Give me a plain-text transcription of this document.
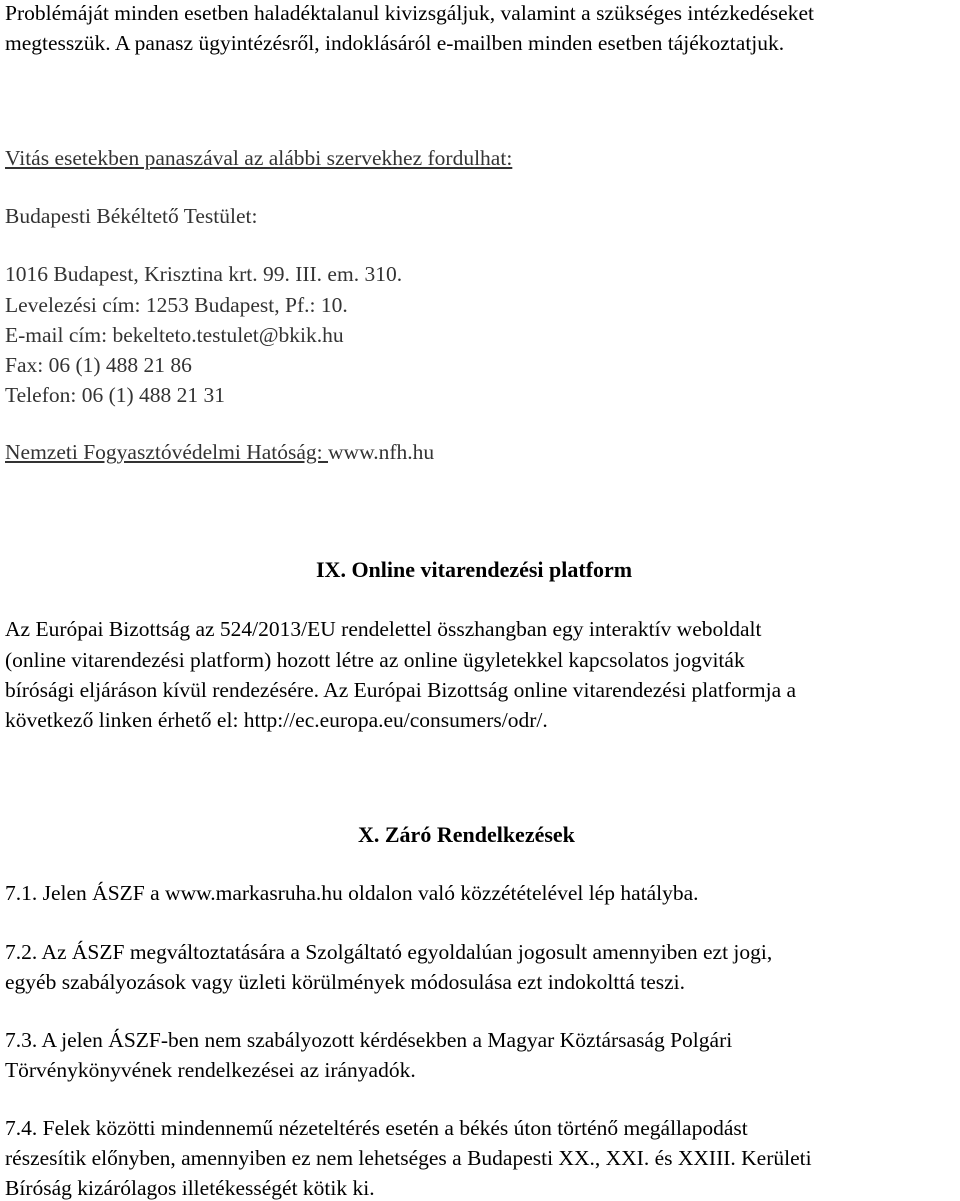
Problémáját minden esetben haladéktalanul kivizsgáljuk, valamint a szükséges intézkedéseket
megtesszük. A panasz ügyintézésről, indoklásáról e-mailben minden esetben tájékoztatjuk.
Vitás esetekben panaszával az alábbi szervekhez fordulhat:
Budapesti Békéltető Testület:
1016 Budapest, Krisztina krt. 99. III. em. 310.
Levelezési cím: 1253 Budapest, Pf.: 10.
E-mail cím: bekelteto.testulet@bkik.hu
Fax: 06 (1) 488 21 86
Telefon: 06 (1) 488 21 31
Nemzeti Fogyasztóvédelmi Hatóság: www.nfh.hu
IX. Online vitarendezési platform
Az Európai Bizottság az 524/2013/EU rendelettel összhangban egy interaktív weboldalt
(online vitarendezési platform) hozott létre az online ügyletekkel kapcsolatos jogviták
bírósági eljáráson kívül rendezésére. Az Európai Bizottság online vitarendezési platformja a
következő linken érhető el: http://ec.europa.eu/consumers/odr/.
X. Záró Rendelkezések
7.1. Jelen ÁSZF a www.markasruha.hu oldalon való közzétételével lép hatályba.
7.2. Az ÁSZF megváltoztatására a Szolgáltató egyoldalúan jogosult amennyiben ezt jogi,
egyéb szabályozások vagy üzleti körülmények módosulása ezt indokolttá teszi.
7.3. A jelen ÁSZF-ben nem szabályozott kérdésekben a Magyar Köztársaság Polgári
Törvénykönyvének rendelkezései az irányadók.
7.4. Felek közötti mindennemű nézeteltérés esetén a békés úton történő megállapodást
részesítik előnyben, amennyiben ez nem lehetséges a Budapesti XX., XXI. és XXIII. Kerületi
Bíróság kizárólagos illetékességét kötik ki.
